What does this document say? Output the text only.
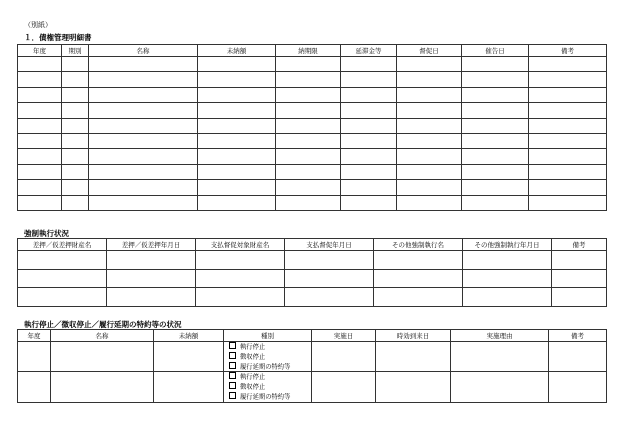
（別紙）
１．債権管理明細書
年度	期別	名称	未納額	納期限	延滞金等	督促日	催告日	備考

強制執行状況
差押／仮差押財産名	差押／仮差押年月日	支払督促対象財産名	支払督促年月日	その他強制執行名	その他強制執行年月日	備考

執行停止／徴収停止／履行延期の特約等の状況
年度	名称	未納額	種別	実施日	時効到来日	実施理由	備考

			執行停止
徴収停止
履行延期の特約等				

			執行停止
徴収停止
履行延期の特約等				
